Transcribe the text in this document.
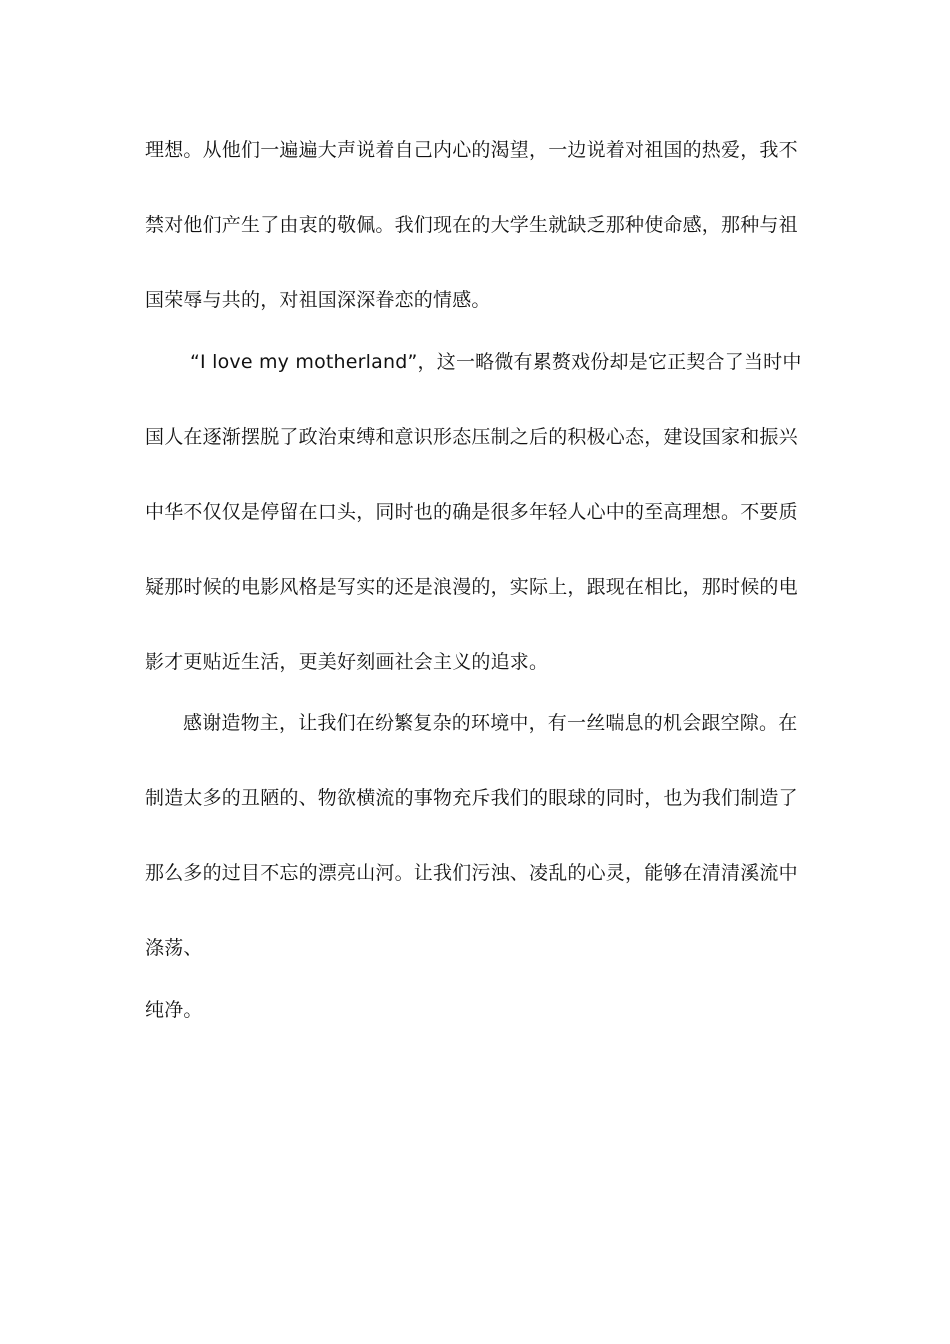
理想。从他们一遍遍大声说着自己内心的渴望，一边说着对祖国的热爱，我不
禁对他们产生了由衷的敬佩。我们现在的大学生就缺乏那种使命感，那种与祖
国荣辱与共的，对祖国深深眷恋的情感。
“I love my motherland”，这一略微有累赘戏份却是它正契合了当时中
国人在逐渐摆脱了政治束缚和意识形态压制之后的积极心态，建设国家和振兴
中华不仅仅是停留在口头，同时也的确是很多年轻人心中的至高理想。不要质
疑那时候的电影风格是写实的还是浪漫的，实际上，跟现在相比，那时候的电
影才更贴近生活，更美好刻画社会主义的追求。
感谢造物主，让我们在纷繁复杂的环境中，有一丝喘息的机会跟空隙。在
制造太多的丑陋的、物欲横流的事物充斥我们的眼球的同时，也为我们制造了
那么多的过目不忘的漂亮山河。让我们污浊、凌乱的心灵，能够在清清溪流中
涤荡、
纯净。
